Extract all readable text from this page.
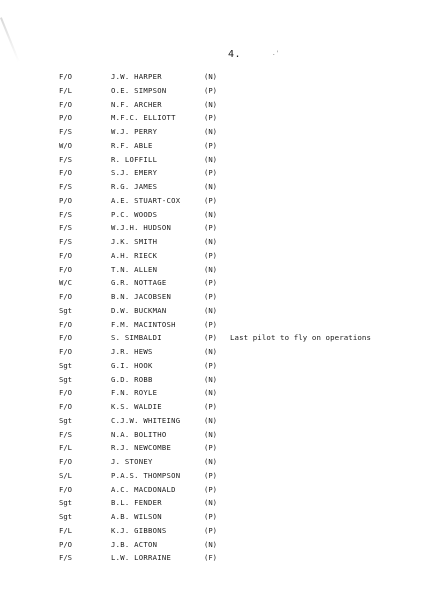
4.	.'
F/O	J.W. HARPER	(N)
F/L	O.E. SIMPSON	(P)
F/O	N.F. ARCHER	(N)
P/O	M.F.C. ELLIOTT	(P)
F/S	W.J. PERRY	(N)
W/O	R.F. ABLE	(P)
F/S	R. LOFFILL	(N)
F/O	S.J. EMERY	(P)
F/S	R.G. JAMES	(N)
P/O	A.E. STUART-COX	(P)
F/S	P.C. WOODS	(N)
F/S	W.J.H. HUDSON	(P)
F/S	J.K. SMITH	(N)
F/O	A.H. RIECK	(P)
F/O	T.N. ALLEN	(N)
W/C	G.R. NOTTAGE	(P)
F/O	B.N. JACOBSEN	(P)
Sgt	D.W. BUCKMAN	(N)
F/O	F.M. MACINTOSH	(P)
F/O	S. SIMBALDI	(P) Last pilot to fly on operations
F/O	J.R. HEWS	(N)
Sgt	G.I. HOOK	(P)
Sgt	G.D. ROBB	(N)
F/O	F.N. ROYLE	(N)
F/O	K.S. WALDIE	(P)
Sgt	C.J.W. WHITEING	(N)
F/S	N.A. BOLITHO	(N)
F/L	R.J. NEWCOMBE	(P)
F/O	J. STONEY	(N)
S/L	P.A.S. THOMPSON	(P)
F/O	A.C. MACDONALD	(P)
Sgt	B.L. FENDER	(N)
Sgt	A.B. WILSON	(P)
F/L	K.J. GIBBONS	(P)
P/O	J.B. ACTON	(N)
F/S	L.W. LORRAINE	(F)
